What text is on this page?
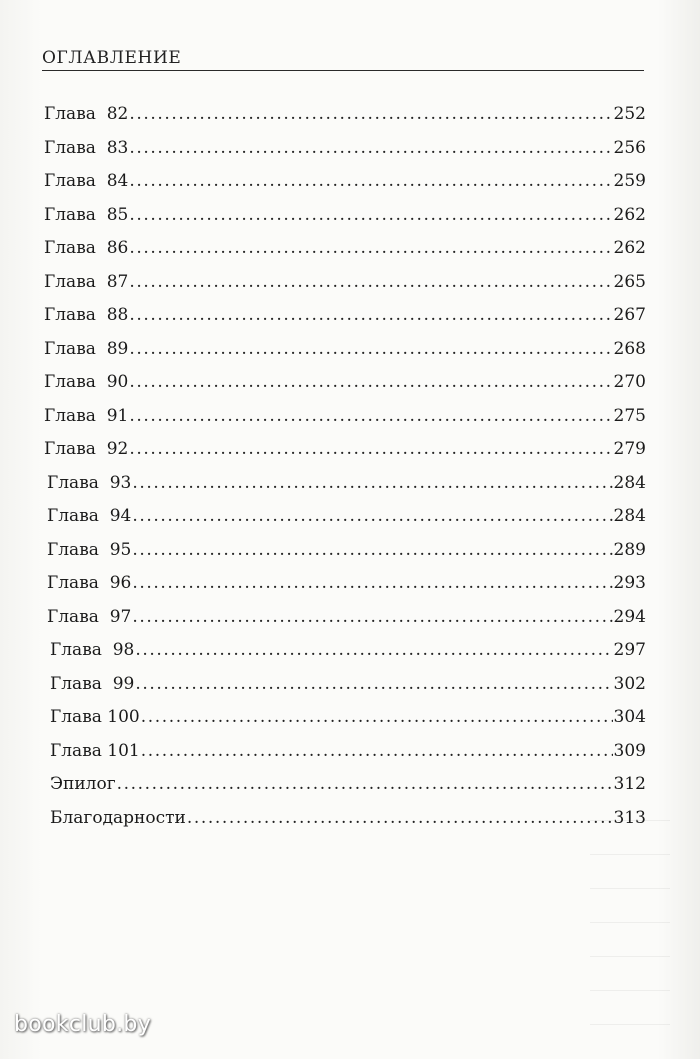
ОГЛАВЛЕНИЕ
Глава  82 .....	252
Глава  83 .....	256
Глава  84 .....	259
Глава  85 .....	262
Глава  86 .....	262
Глава  87 .....	265
Глава  88 .....	267
Глава  89 .....	268
Глава  90 .....	270
Глава  91 .....	275
Глава  92 .....	279
Глава  93 .....	284
Глава  94 .....	284
Глава  95 .....	289
Глава  96 .....	293
Глава  97 .....	294
Глава  98 .....	297
Глава  99 .....	302
Глава 100 .....	304
Глава 101 .....	309
Эпилог .....	312
Благодарности .....	313
bookclub.by
